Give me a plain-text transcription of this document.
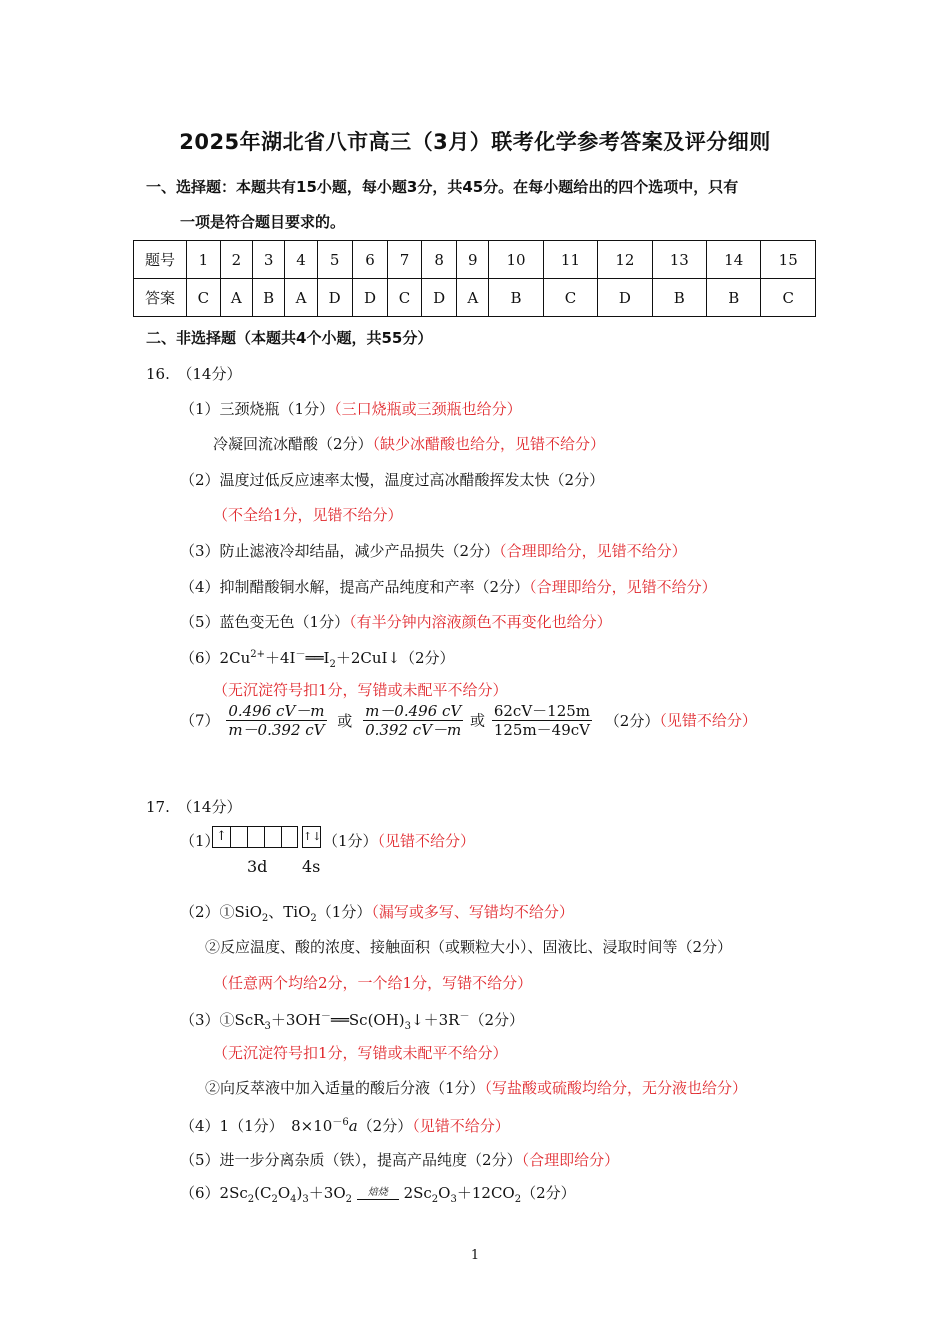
2025年湖北省八市高三（3月）联考化学参考答案及评分细则
一、选择题：本题共有15小题，每小题3分，共45分。在每小题给出的四个选项中，只有
一项是符合题目要求的。
题号	1	2	3	4	5	6	7	8	9	10	11	12	13	14	15
答案	C	A	B	A	D	D	C	D	A	B	C	D	B	B	C
二、非选择题（本题共4个小题，共55分）
16.　（14分）
（1）三颈烧瓶（1分）（三口烧瓶或三颈瓶也给分）
冷凝回流冰醋酸（2分）（缺少冰醋酸也给分，见错不给分）
（2）温度过低反应速率太慢，温度过高冰醋酸挥发太快（2分）
（不全给1分，见错不给分）
（3）防止滤液冷却结晶，减少产品损失（2分）（合理即给分，见错不给分）
（4）抑制醋酸铜水解，提高产品纯度和产率（2分）（合理即给分，见错不给分）
（5）蓝色变无色（1分）（有半分钟内溶液颜色不再变化也给分）
$(6)2Cu^{2+}+4I^-══I_2+2CuI↓(2$分）
（无沉淀符号扣1分，写错或未配平不给分）
$(7) \frac{0.496 cV-m}{m-0.392 cV}$ 或 $\frac{m-0.496 cV}{0.392 cV-m}$ 或 $\frac{62cV-125m}{125m-49cV} (2$分）（见错不给分）
17.　（14分）
（1）
↑	↑↓ （1分）（见错不给分）
3d 4s
（2）①SiO$_2$、TiO$_2$（1分）（漏写或多写、写错均不给分）
②反应温度、酸的浓度、接触面积（或颗粒大小）、固液比、浸取时间等（2分）
（任意两个均给2分，一个给1分，写错不给分）
$(3)①ScR_3+3OH^-══Sc(OH)_3↓+3R^-(2$分）
（无沉淀符号扣1分，写错或未配平不给分）
②向反萃液中加入适量的酸后分液（1分）（写盐酸或硫酸均给分，无分液也给分）
（4）1（1分）　$8\times 10^{-6}a(2$分）（见错不给分）
（5）进一步分离杂质（铁），提高产品纯度（2分）（合理即给分）
$(6)2Sc_2(C_2O_4)_3+3O_2$
焙烧	$2Sc_2O_3+12CO_2(2$分）
1
